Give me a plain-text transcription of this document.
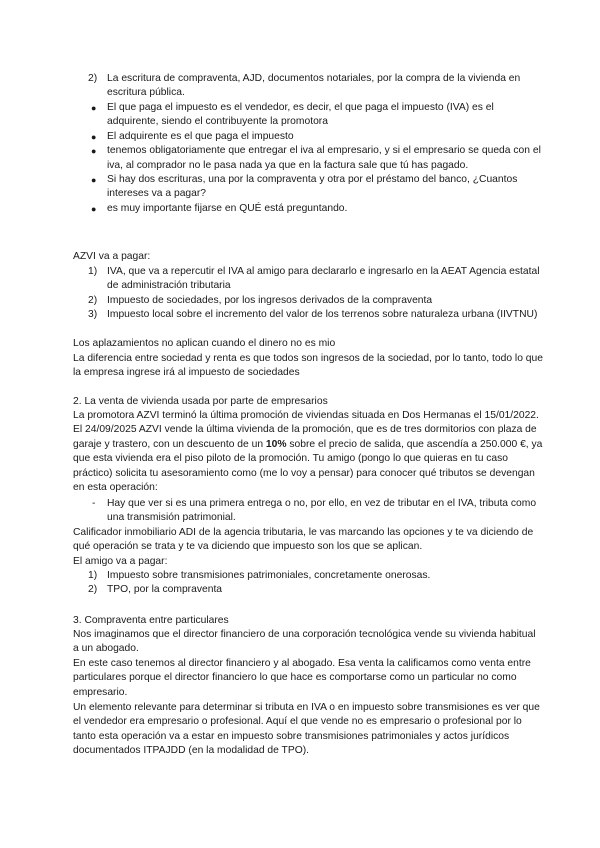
2) La escritura de compraventa, AJD, documentos notariales, por la compra de la vivienda en escritura pública.
● El que paga el impuesto es el vendedor, es decir, el que paga el impuesto (IVA) es el adquirente, siendo el contribuyente la promotora
● El adquirente es el que paga el impuesto
● tenemos obligatoriamente que entregar el iva al empresario, y si el empresario se queda con el iva, al comprador no le pasa nada ya que en la factura sale que tú has pagado.
● Si hay dos escrituras, una por la compraventa y otra por el préstamo del banco, ¿Cuantos intereses va a pagar?
● es muy importante fijarse en QUÉ está preguntando.

AZVI va a pagar:

1) IVA, que va a repercutir el IVA al amigo para declararlo e ingresarlo en la AEAT Agencia estatal de administración tributaria
2) Impuesto de sociedades, por los ingresos derivados de la compraventa
3) Impuesto local sobre el incremento del valor de los terrenos sobre naturaleza urbana (IIVTNU)

Los aplazamientos no aplican cuando el dinero no es mio

La diferencia entre sociedad y renta es que todos son ingresos de la sociedad, por lo tanto, todo lo que la empresa ingrese irá al impuesto de sociedades

2. La venta de vivienda usada por parte de empresarios

La promotora AZVI terminó la última promoción de viviendas situada en Dos Hermanas el 15/01/2022. El 24/09/2025 AZVI vende la última vivienda de la promoción, que es de tres dormitorios con plaza de garaje y trastero, con un descuento de un 10% sobre el precio de salida, que ascendía a 250.000 €, ya que esta vivienda era el piso piloto de la promoción. Tu amigo (pongo lo que quieras en tu caso práctico) solicita tu asesoramiento como (me lo voy a pensar) para conocer qué tributos se devengan en esta operación:

- Hay que ver si es una primera entrega o no, por ello, en vez de tributar en el IVA, tributa como una transmisión patrimonial.

Calificador inmobiliario ADI de la agencia tributaria, le vas marcando las opciones y te va diciendo de qué operación se trata y te va diciendo que impuesto son los que se aplican.

El amigo va a pagar:

1) Impuesto sobre transmisiones patrimoniales, concretamente onerosas.
2) TPO, por la compraventa

3. Compraventa entre particulares

Nos imaginamos que el director financiero de una corporación tecnológica vende su vivienda habitual a un abogado.

En este caso tenemos al director financiero y al abogado. Esa venta la calificamos como venta entre particulares porque el director financiero lo que hace es comportarse como un particular no como empresario.

Un elemento relevante para determinar si tributa en IVA o en impuesto sobre transmisiones es ver que el vendedor era empresario o profesional. Aquí el que vende no es empresario o profesional por lo tanto esta operación va a estar en impuesto sobre transmisiones patrimoniales y actos jurídicos documentados ITPAJDD (en la modalidad de TPO).
